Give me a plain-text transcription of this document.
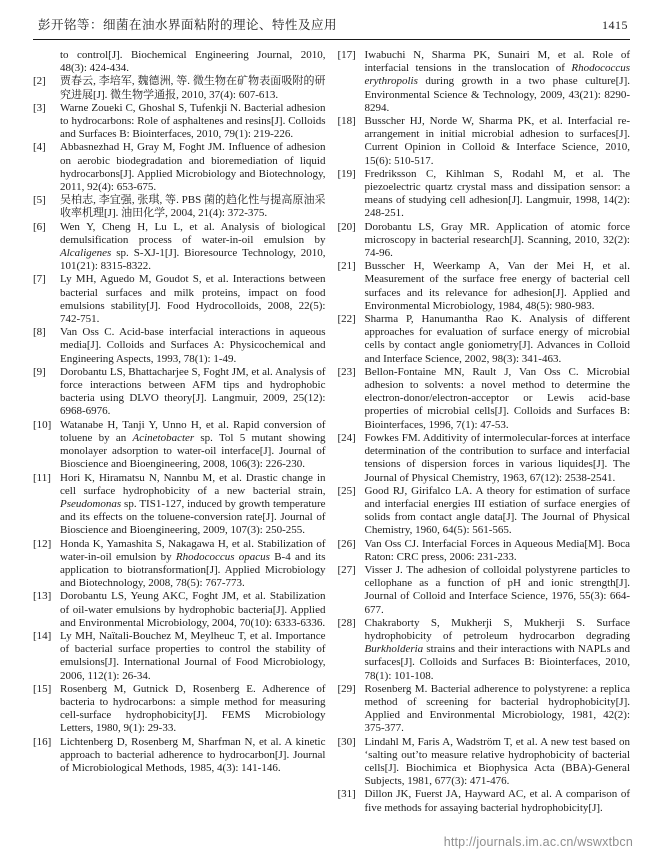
彭开铭等：细菌在油水界面粘附的理论、特性及应用	1415
to control[J]. Biochemical Engineering Journal, 2010, 48(3): 424-434.
[2] 贾春云, 李培军, 魏德洲, 等. 微生物在矿物表面吸附的研究进展[J]. 微生物学通报, 2010, 37(4): 607-613.
[3] Warne Zoueki C, Ghoshal S, Tufenkji N. Bacterial adhesion to hydrocarbons: Role of asphaltenes and resins[J]. Colloids and Surfaces B: Biointerfaces, 2010, 79(1): 219-226.
[4] Abbasnezhad H, Gray M, Foght JM. Influence of adhesion on aerobic biodegradation and bioremediation of liquid hydrocarbons[J]. Applied Microbiology and Biotechnology, 2011, 92(4): 653-675.
[5] 吴柏志, 李宜强, 张琪, 等. PBS 菌的趋化性与提高原油采收率机理[J]. 油田化学, 2004, 21(4): 372-375.
[6] Wen Y, Cheng H, Lu L, et al. Analysis of biological demulsification process of water-in-oil emulsion by Alcaligenes sp. S-XJ-1[J]. Bioresource Technology, 2010, 101(21): 8315-8322.
[7] Ly MH, Aguedo M, Goudot S, et al. Interactions between bacterial surfaces and milk proteins, impact on food emulsions stability[J]. Food Hydrocolloids, 2008, 22(5): 742-751.
[8] Van Oss C. Acid-base interfacial interactions in aqueous media[J]. Colloids and Surfaces A: Physicochemical and Engineering Aspects, 1993, 78(1): 1-49.
[9] Dorobantu LS, Bhattacharjee S, Foght JM, et al. Analysis of force interactions between AFM tips and hydrophobic bacteria using DLVO theory[J]. Langmuir, 2009, 25(12): 6968-6976.
[10] Watanabe H, Tanji Y, Unno H, et al. Rapid conversion of toluene by an Acinetobacter sp. Tol 5 mutant showing monolayer adsorption to water-oil interface[J]. Journal of Bioscience and Bioengineering, 2008, 106(3): 226-230.
[11] Hori K, Hiramatsu N, Nannbu M, et al. Drastic change in cell surface hydrophobicity of a new bacterial strain, Pseudomonas sp. TIS1-127, induced by growth temperature and its effects on the toluene-conversion rate[J]. Journal of Bioscience and Bioengineering, 2009, 107(3): 250-255.
[12] Honda K, Yamashita S, Nakagawa H, et al. Stabilization of water-in-oil emulsion by Rhodococcus opacus B-4 and its application to biotransformation[J]. Applied Microbiology and Biotechnology, 2008, 78(5): 767-773.
[13] Dorobantu LS, Yeung AKC, Foght JM, et al. Stabilization of oil-water emulsions by hydrophobic bacteria[J]. Applied and Environmental Microbiology, 2004, 70(10): 6333-6336.
[14] Ly MH, Naïtali-Bouchez M, Meylheuc T, et al. Importance of bacterial surface properties to control the stability of emulsions[J]. International Journal of Food Microbiology, 2006, 112(1): 26-34.
[15] Rosenberg M, Gutnick D, Rosenberg E. Adherence of bacteria to hydrocarbons: a simple method for measuring cell-surface hydrophobicity[J]. FEMS Microbiology Letters, 1980, 9(1): 29-33.
[16] Lichtenberg D, Rosenberg M, Sharfman N, et al. A kinetic approach to bacterial adherence to hydrocarbon[J]. Journal of Microbiological Methods, 1985, 4(3): 141-146.
[17] Iwabuchi N, Sharma PK, Sunairi M, et al. Role of interfacial tensions in the translocation of Rhodococcus erythropolis during growth in a two phase culture[J]. Environmental Science & Technology, 2009, 43(21): 8290-8294.
[18] Busscher HJ, Norde W, Sharma PK, et al. Interfacial re-arrangement in initial microbial adhesion to surfaces[J]. Current Opinion in Colloid & Interface Science, 2010, 15(6): 510-517.
[19] Fredriksson C, Kihlman S, Rodahl M, et al. The piezoelectric quartz crystal mass and dissipation sensor: a means of studying cell adhesion[J]. Langmuir, 1998, 14(2): 248-251.
[20] Dorobantu LS, Gray MR. Application of atomic force microscopy in bacterial research[J]. Scanning, 2010, 32(2): 74-96.
[21] Busscher H, Weerkamp A, Van der Mei H, et al. Measurement of the surface free energy of bacterial cell surfaces and its relevance for adhesion[J]. Applied and Environmental Microbiology, 1984, 48(5): 980-983.
[22] Sharma P, Hanumantha Rao K. Analysis of different approaches for evaluation of surface energy of microbial cells by contact angle goniometry[J]. Advances in Colloid and Interface Science, 2002, 98(3): 341-463.
[23] Bellon-Fontaine MN, Rault J, Van Oss C. Microbial adhesion to solvents: a novel method to determine the electron-donor/electron-acceptor or Lewis acid-base properties of microbial cells[J]. Colloids and Surfaces B: Biointerfaces, 1996, 7(1): 47-53.
[24] Fowkes FM. Additivity of intermolecular-forces at interface determination of the contribution to surface and interfacial tensions of dispersion forces in various liquides[J]. The Journal of Physical Chemistry, 1963, 67(12): 2538-2541.
[25] Good RJ, Girifalco LA. A theory for estimation of surface and interfacial energies III estiation of surface energies of solids from contact angle data[J]. The Journal of Physical Chemistry, 1960, 64(5): 561-565.
[26] Van Oss CJ. Interfacial Forces in Aqueous Media[M]. Boca Raton: CRC press, 2006: 231-233.
[27] Visser J. The adhesion of colloidal polystyrene particles to cellophane as a function of pH and ionic strength[J]. Journal of Colloid and Interface Science, 1976, 55(3): 664-677.
[28] Chakraborty S, Mukherji S, Mukherji S. Surface hydrophobicity of petroleum hydrocarbon degrading Burkholderia strains and their interactions with NAPLs and surfaces[J]. Colloids and Surfaces B: Biointerfaces, 2010, 78(1): 101-108.
[29] Rosenberg M. Bacterial adherence to polystyrene: a replica method of screening for bacterial hydrophobicity[J]. Applied and Environmental Microbiology, 1981, 42(2): 375-377.
[30] Lindahl M, Faris A, Wadström T, et al. A new test based on ‘salting out’to measure relative hydrophobicity of bacterial cells[J]. Biochimica et Biophysica Acta (BBA)-General Subjects, 1981, 677(3): 471-476.
[31] Dillon JK, Fuerst JA, Hayward AC, et al. A comparison of five methods for assaying bacterial hydrophobicity[J].
http://journals.im.ac.cn/wswxtbcn
